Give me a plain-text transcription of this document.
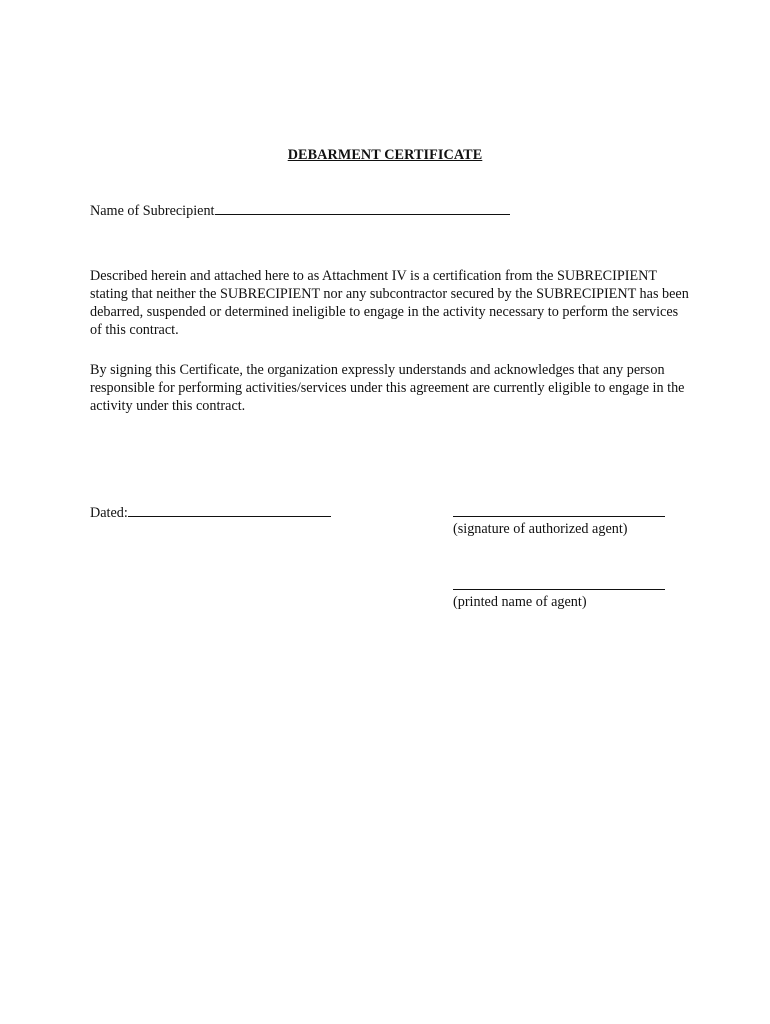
DEBARMENT CERTIFICATE
Name of Subrecipient

Described herein and attached here to as Attachment IV is a certification from the SUBRECIPIENT stating that neither the SUBRECIPIENT nor any subcontractor secured by the SUBRECIPIENT has been debarred, suspended or determined ineligible to engage in the activity necessary to perform the services of this contract.

By signing this Certificate, the organization expressly understands and acknowledges that any person responsible for performing activities/services under this agreement are currently eligible to engage in the activity under this contract.

Dated:
(signature of authorized agent)
(printed name of agent)
